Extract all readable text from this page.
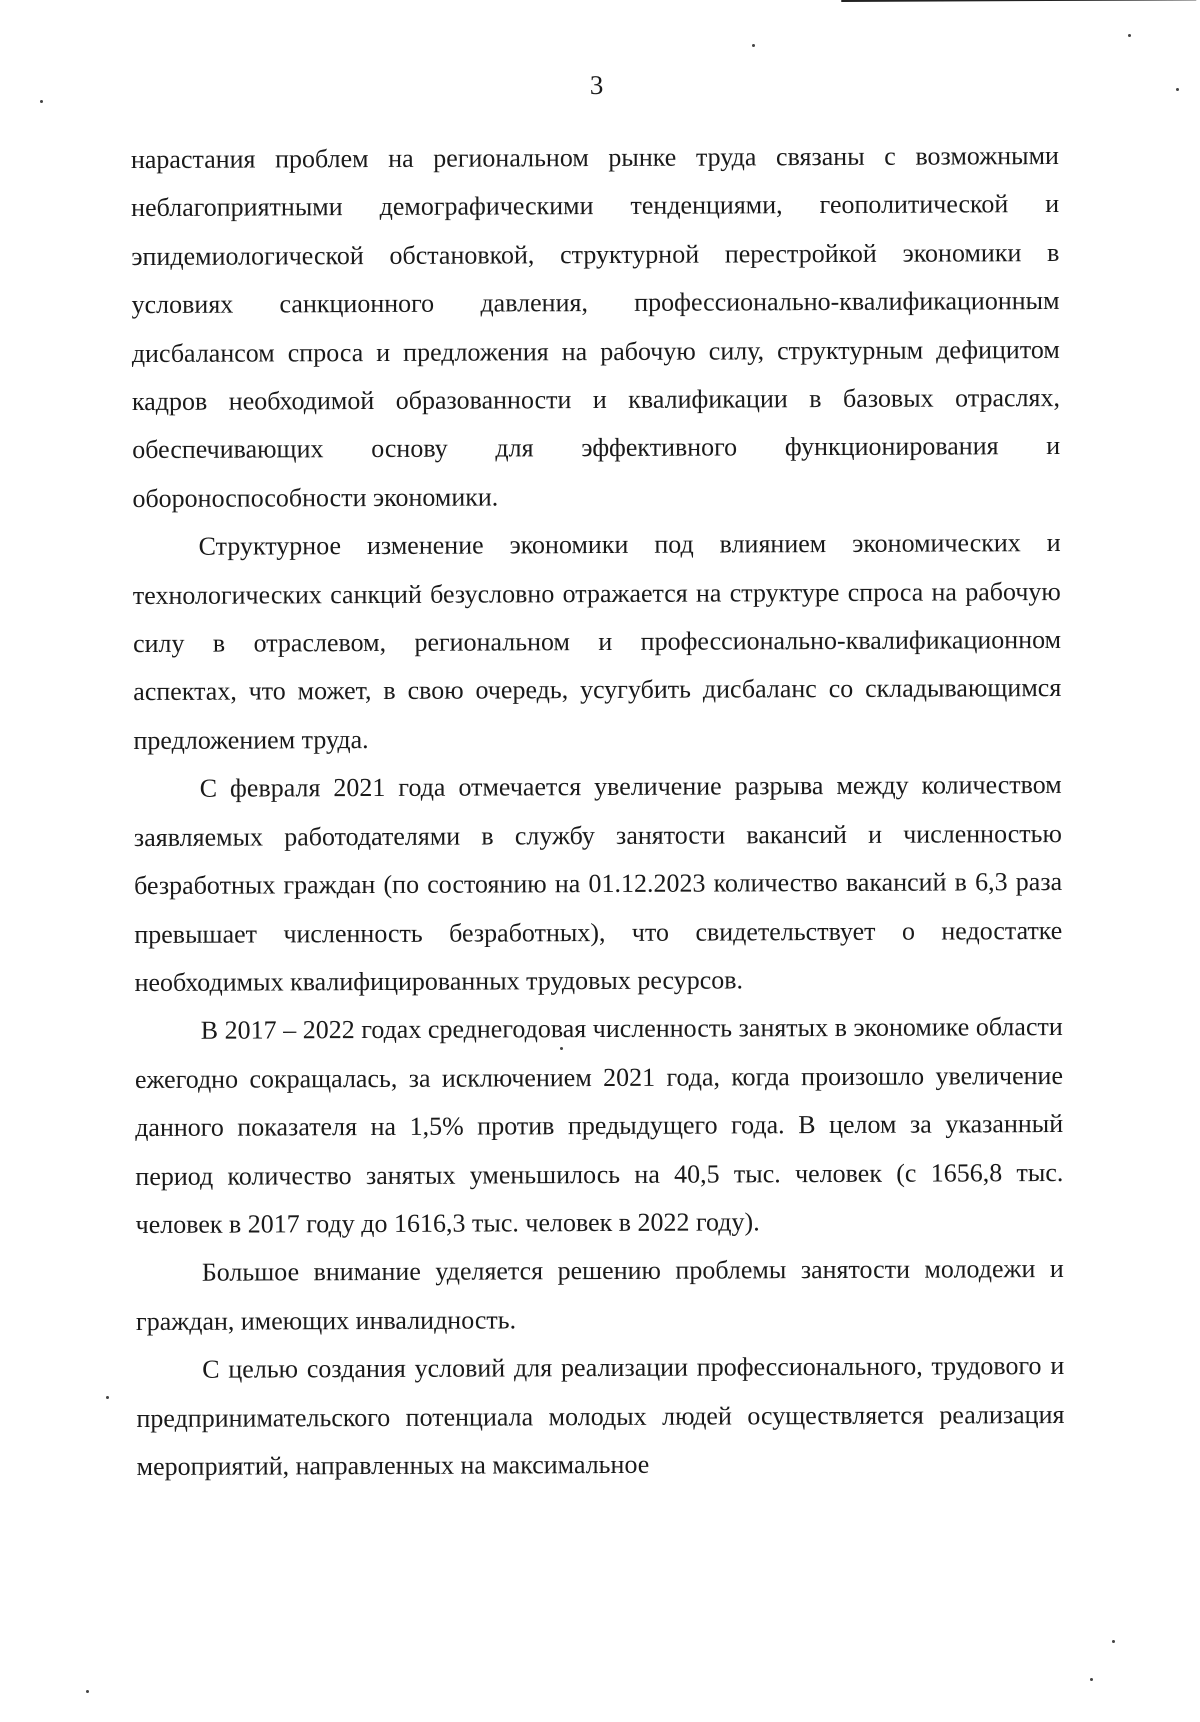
3

нарастания проблем на региональном рынке труда связаны с возможными неблагоприятными демографическими тенденциями, геополитической и эпидемиологической обстановкой, структурной перестройкой экономики в условиях санкционного давления, профессионально-квалификационным дисбалансом спроса и предложения на рабочую силу, структурным дефицитом кадров необходимой образованности и квалификации в базовых отраслях, обеспечивающих основу для эффективного функционирования и обороноспособности экономики.

Структурное изменение экономики под влиянием экономических и технологических санкций безусловно отражается на структуре спроса на рабочую силу в отраслевом, региональном и профессионально-квалификационном аспектах, что может, в свою очередь, усугубить дисбаланс со складывающимся предложением труда.

С февраля 2021 года отмечается увеличение разрыва между количеством заявляемых работодателями в службу занятости вакансий и численностью безработных граждан (по состоянию на 01.12.2023 количество вакансий в 6,3 раза превышает численность безработных), что свидетельствует о недостатке необходимых квалифицированных трудовых ресурсов.

В 2017 – 2022 годах среднегодовая численность занятых в экономике области ежегодно сокращалась, за исключением 2021 года, когда произошло увеличение данного показателя на 1,5% против предыдущего года. В целом за указанный период количество занятых уменьшилось на 40,5 тыс. человек (с 1656,8 тыс. человек в 2017 году до 1616,3 тыс. человек в 2022 году).

Большое внимание уделяется решению проблемы занятости молодежи и граждан, имеющих инвалидность.

С целью создания условий для реализации профессионального, трудового и предпринимательского потенциала молодых людей осуществляется реализация мероприятий, направленных на максимальное
